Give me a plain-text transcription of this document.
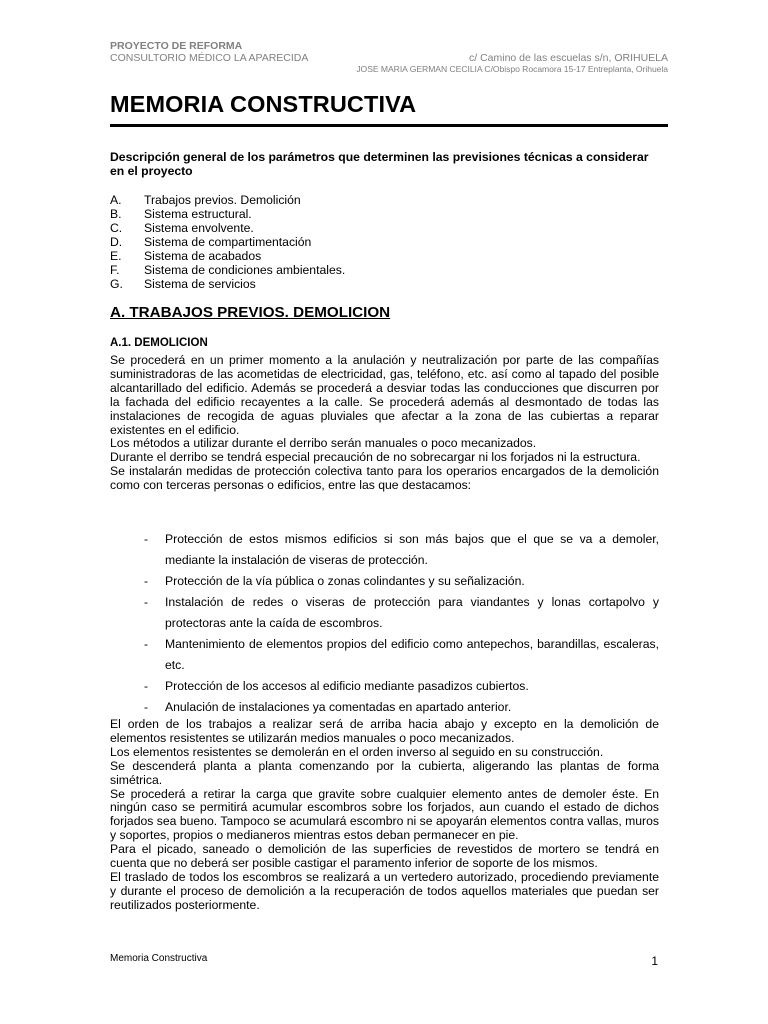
PROYECTO DE REFORMA
CONSULTORIO MÉDICO LA APARECIDA	c/ Camino de las escuelas s/n, ORIHUELA
JOSE MARIA GERMAN CECILIA C/Obispo Rocamora 15-17 Entreplanta, Orihuela
MEMORIA CONSTRUCTIVA
Descripción general de los parámetros que determinen las previsiones técnicas a considerar en el proyecto
A.	Trabajos previos. Demolición
B.	Sistema estructural.
C.	Sistema envolvente.
D.	Sistema de compartimentación
E.	Sistema de acabados
F.	Sistema de condiciones ambientales.
G.	Sistema de servicios
A. TRABAJOS PREVIOS. DEMOLICION
A.1. DEMOLICION

Se procederá en un primer momento a la anulación y neutralización por parte de las compañías suministradoras de las acometidas de electricidad, gas, teléfono, etc. así como al tapado del posible alcantarillado del edificio. Además se procederá a desviar todas las conducciones que discurren por la fachada del edificio recayentes a la calle. Se procederá además al desmontado de todas las instalaciones de recogida de aguas pluviales que afectar a la zona de las cubiertas a reparar existentes en el edificio.

Los métodos a utilizar durante el derribo serán manuales o poco mecanizados.

Durante el derribo se tendrá especial precaución de no sobrecargar ni los forjados ni la estructura.

Se instalarán medidas de protección colectiva tanto para los operarios encargados de la demolición como con terceras personas o edificios, entre las que destacamos:

-	Protección de estos mismos edificios si son más bajos que el que se va a demoler, mediante la instalación de viseras de protección.
-	Protección de la vía pública o zonas colindantes y su señalización.
-	Instalación de redes o viseras de protección para viandantes y lonas cortapolvo y protectoras ante la caída de escombros.
-	Mantenimiento de elementos propios del edificio como antepechos, barandillas, escaleras, etc.
-	Protección de los accesos al edificio mediante pasadizos cubiertos.
-	Anulación de instalaciones ya comentadas en apartado anterior.

El orden de los trabajos a realizar será de arriba hacia abajo y excepto en la demolición de elementos resistentes se utilizarán medios manuales o poco mecanizados.

Los elementos resistentes se demolerán en el orden inverso al seguido en su construcción.

Se descenderá planta a planta comenzando por la cubierta, aligerando las plantas de forma simétrica.

Se procederá a retirar la carga que gravite sobre cualquier elemento antes de demoler éste. En ningún caso se permitirá acumular escombros sobre los forjados, aun cuando el estado de dichos forjados sea bueno. Tampoco se acumulará escombro ni se apoyarán elementos contra vallas, muros y soportes, propios o medianeros mientras estos deban permanecer en pie.

Para el picado, saneado o demolición de las superficies de revestidos de mortero se tendrá en cuenta que no deberá ser posible castigar el paramento inferior de soporte de los mismos.

El traslado de todos los escombros se realizará a un vertedero autorizado, procediendo previamente y durante el proceso de demolición a la recuperación de todos aquellos materiales que puedan ser reutilizados posteriormente.

Memoria Constructiva	1
